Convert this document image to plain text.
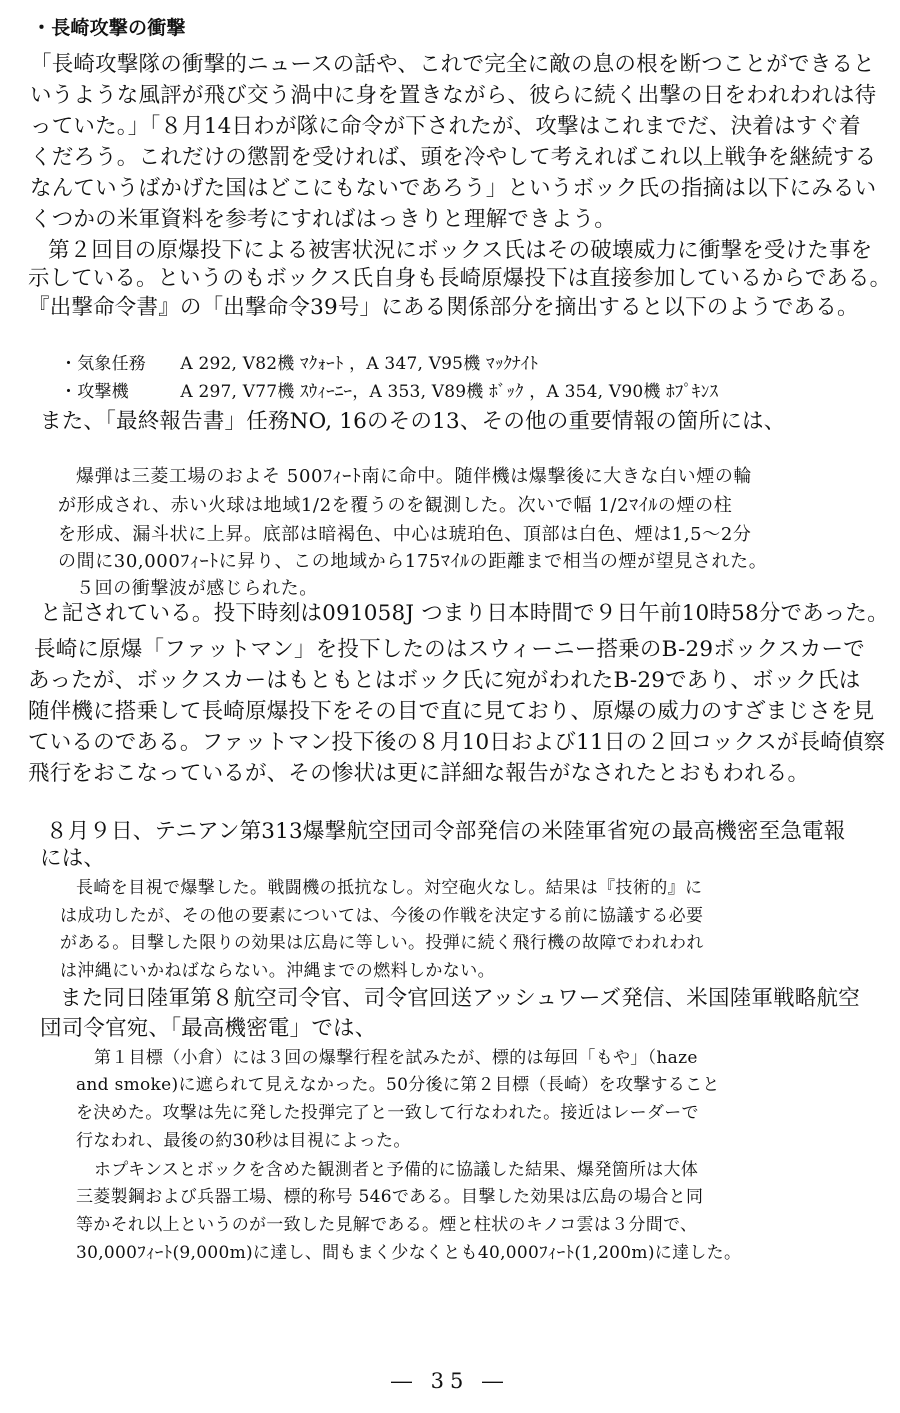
・長崎攻撃の衝撃
「長崎攻撃隊の衝撃的ニュースの話や、これで完全に敵の息の根を断つことができると
いうような風評が飛び交う渦中に身を置きながら、彼らに続く出撃の日をわれわれは待
っていた。」「８月14日わが隊に命令が下されたが、攻撃はこれまでだ、決着はすぐ着
くだろう。これだけの懲罰を受ければ、頭を冷やして考えればこれ以上戦争を継続する
なんていうばかげた国はどこにもないであろう」というボック氏の指摘は以下にみるい
くつかの米軍資料を参考にすればはっきりと理解できよう。
第２回目の原爆投下による被害状況にボックス氏はその破壊威力に衝撃を受けた事を
示している。というのもボックス氏自身も長崎原爆投下は直接参加しているからである。
『出撃命令書』の「出撃命令39号」にある関係部分を摘出すると以下のようである。
・気象任務　　A 292, V82機 ﾏｸｫｰﾄ ，A 347, V95機 ﾏｯｸﾅｲﾄ
・攻撃機　　　A 297, V77機 ｽｳｨｰﾆｰ，A 353, V89機 ﾎﾞｯｸ ，A 354, V90機 ﾎﾌﾟｷﾝｽ
また、「最終報告書」任務NO, 16のその13、その他の重要情報の箇所には、
爆弾は三菱工場のおよそ 500ﾌｨｰﾄ南に命中。随伴機は爆撃後に大きな白い煙の輪
が形成され、赤い火球は地域1/2を覆うのを観測した。次いで幅 1/2ﾏｲﾙの煙の柱
を形成、漏斗状に上昇。底部は暗褐色、中心は琥珀色、頂部は白色、煙は1,5〜2分
の間に30,000ﾌｨｰﾄに昇り、この地域から175ﾏｲﾙの距離まで相当の煙が望見された。
５回の衝撃波が感じられた。
と記されている。投下時刻は091058J つまり日本時間で９日午前10時58分であった。
長崎に原爆「ファットマン」を投下したのはスウィーニー搭乗のB-29ボックスカーで
あったが、ボックスカーはもともとはボック氏に宛がわれたB-29であり、ボック氏は
随伴機に搭乗して長崎原爆投下をその目で直に見ており、原爆の威力のすざまじさを見
ているのである。ファットマン投下後の８月10日および11日の２回コックスが長崎偵察
飛行をおこなっているが、その惨状は更に詳細な報告がなされたとおもわれる。
８月９日、テニアン第313爆撃航空団司令部発信の米陸軍省宛の最高機密至急電報
には、
長崎を目視で爆撃した。戦闘機の抵抗なし。対空砲火なし。結果は『技術的』に
は成功したが、その他の要素については、今後の作戦を決定する前に協議する必要
がある。目撃した限りの効果は広島に等しい。投弾に続く飛行機の故障でわれわれ
は沖縄にいかねばならない。沖縄までの燃料しかない。
また同日陸軍第８航空司令官、司令官回送アッシュワーズ発信、米国陸軍戦略航空
団司令官宛、「最高機密電」では、
第１目標（小倉）には３回の爆撃行程を試みたが、標的は毎回「もや」（haze
and smoke)に遮られて見えなかった。50分後に第２目標（長崎）を攻撃すること
を決めた。攻撃は先に発した投弾完了と一致して行なわれた。接近はレーダーで
行なわれ、最後の約30秒は目視によった。
ホプキンスとボックを含めた観測者と予備的に協議した結果、爆発箇所は大体
三菱製鋼および兵器工場、標的称号 546である。目撃した効果は広島の場合と同
等かそれ以上というのが一致した見解である。煙と柱状のキノコ雲は３分間で、
30,000ﾌｨｰﾄ(9,000m)に達し、間もまく少なくとも40,000ﾌｨｰﾄ(1,200m)に達した。
― 35 ―
